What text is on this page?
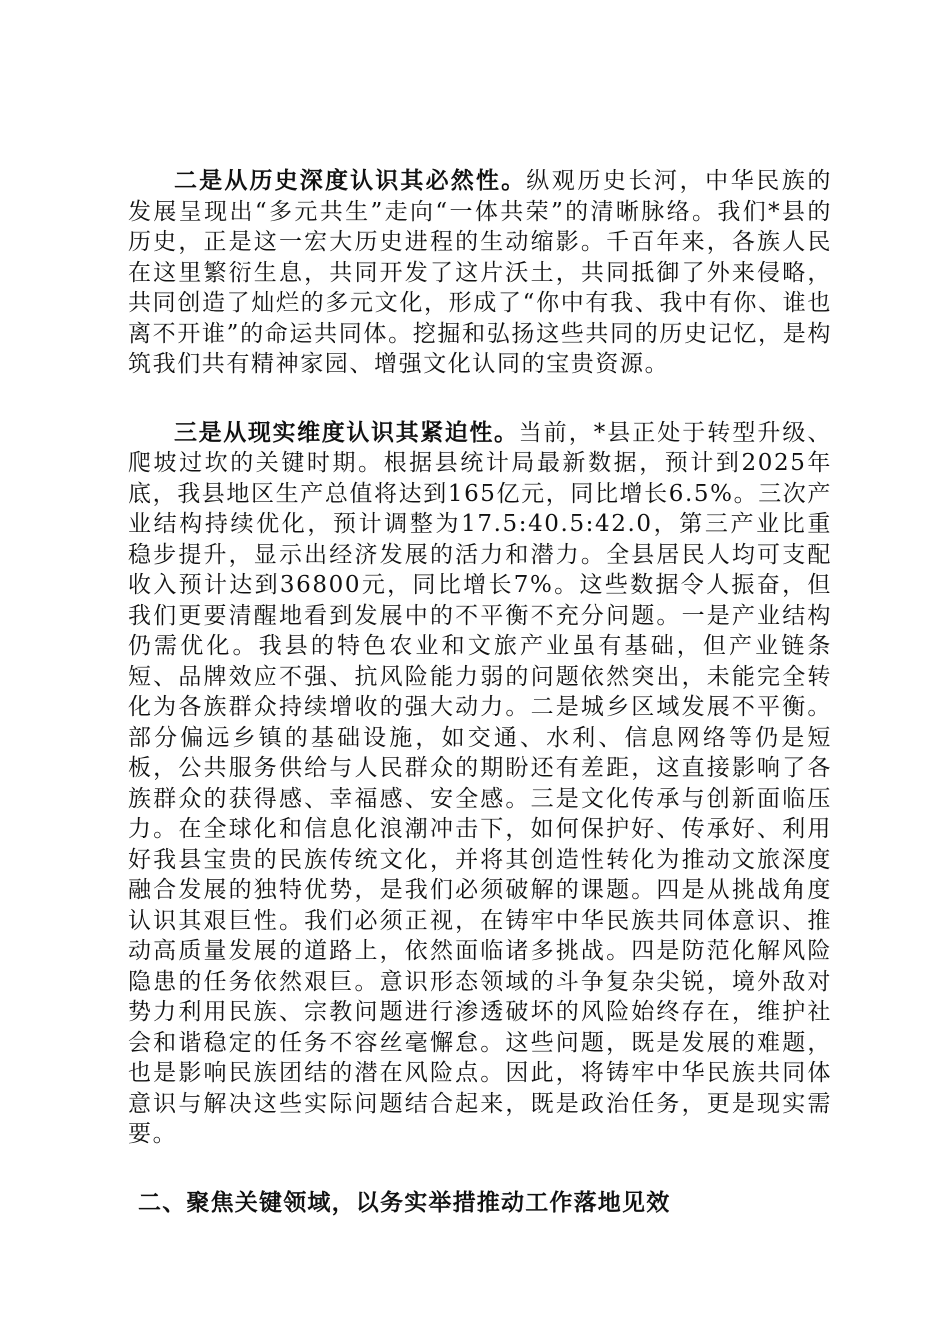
二是从历史深度认识其必然性。纵观历史长河，中华民族的发展呈现出“多元共生”走向“一体共荣”的清晰脉络。我们*县的历史，正是这一宏大历史进程的生动缩影。千百年来，各族人民在这里繁衍生息，共同开发了这片沃土，共同抵御了外来侵略，共同创造了灿烂的多元文化，形成了“你中有我、我中有你、谁也离不开谁”的命运共同体。挖掘和弘扬这些共同的历史记忆，是构筑我们共有精神家园、增强文化认同的宝贵资源。

三是从现实维度认识其紧迫性。当前，*县正处于转型升级、爬坡过坎的关键时期。根据县统计局最新数据，预计到2025年底，我县地区生产总值将达到165亿元，同比增长6.5%。三次产业结构持续优化，预计调整为17.5:40.5:42.0，第三产业比重稳步提升，显示出经济发展的活力和潜力。全县居民人均可支配收入预计达到36800元，同比增长7%。这些数据令人振奋，但我们更要清醒地看到发展中的不平衡不充分问题。一是产业结构仍需优化。我县的特色农业和文旅产业虽有基础，但产业链条短、品牌效应不强、抗风险能力弱的问题依然突出，未能完全转化为各族群众持续增收的强大动力。二是城乡区域发展不平衡。部分偏远乡镇的基础设施，如交通、水利、信息网络等仍是短板，公共服务供给与人民群众的期盼还有差距，这直接影响了各族群众的获得感、幸福感、安全感。三是文化传承与创新面临压力。在全球化和信息化浪潮冲击下，如何保护好、传承好、利用好我县宝贵的民族传统文化，并将其创造性转化为推动文旅深度融合发展的独特优势，是我们必须破解的课题。四是从挑战角度认识其艰巨性。我们必须正视，在铸牢中华民族共同体意识、推动高质量发展的道路上，依然面临诸多挑战。四是防范化解风险隐患的任务依然艰巨。意识形态领域的斗争复杂尖锐，境外敌对势力利用民族、宗教问题进行渗透破坏的风险始终存在，维护社会和谐稳定的任务不容丝毫懈怠。这些问题，既是发展的难题，也是影响民族团结的潜在风险点。因此，将铸牢中华民族共同体意识与解决这些实际问题结合起来，既是政治任务，更是现实需要。

二、聚焦关键领域，以务实举措推动工作落地见效
